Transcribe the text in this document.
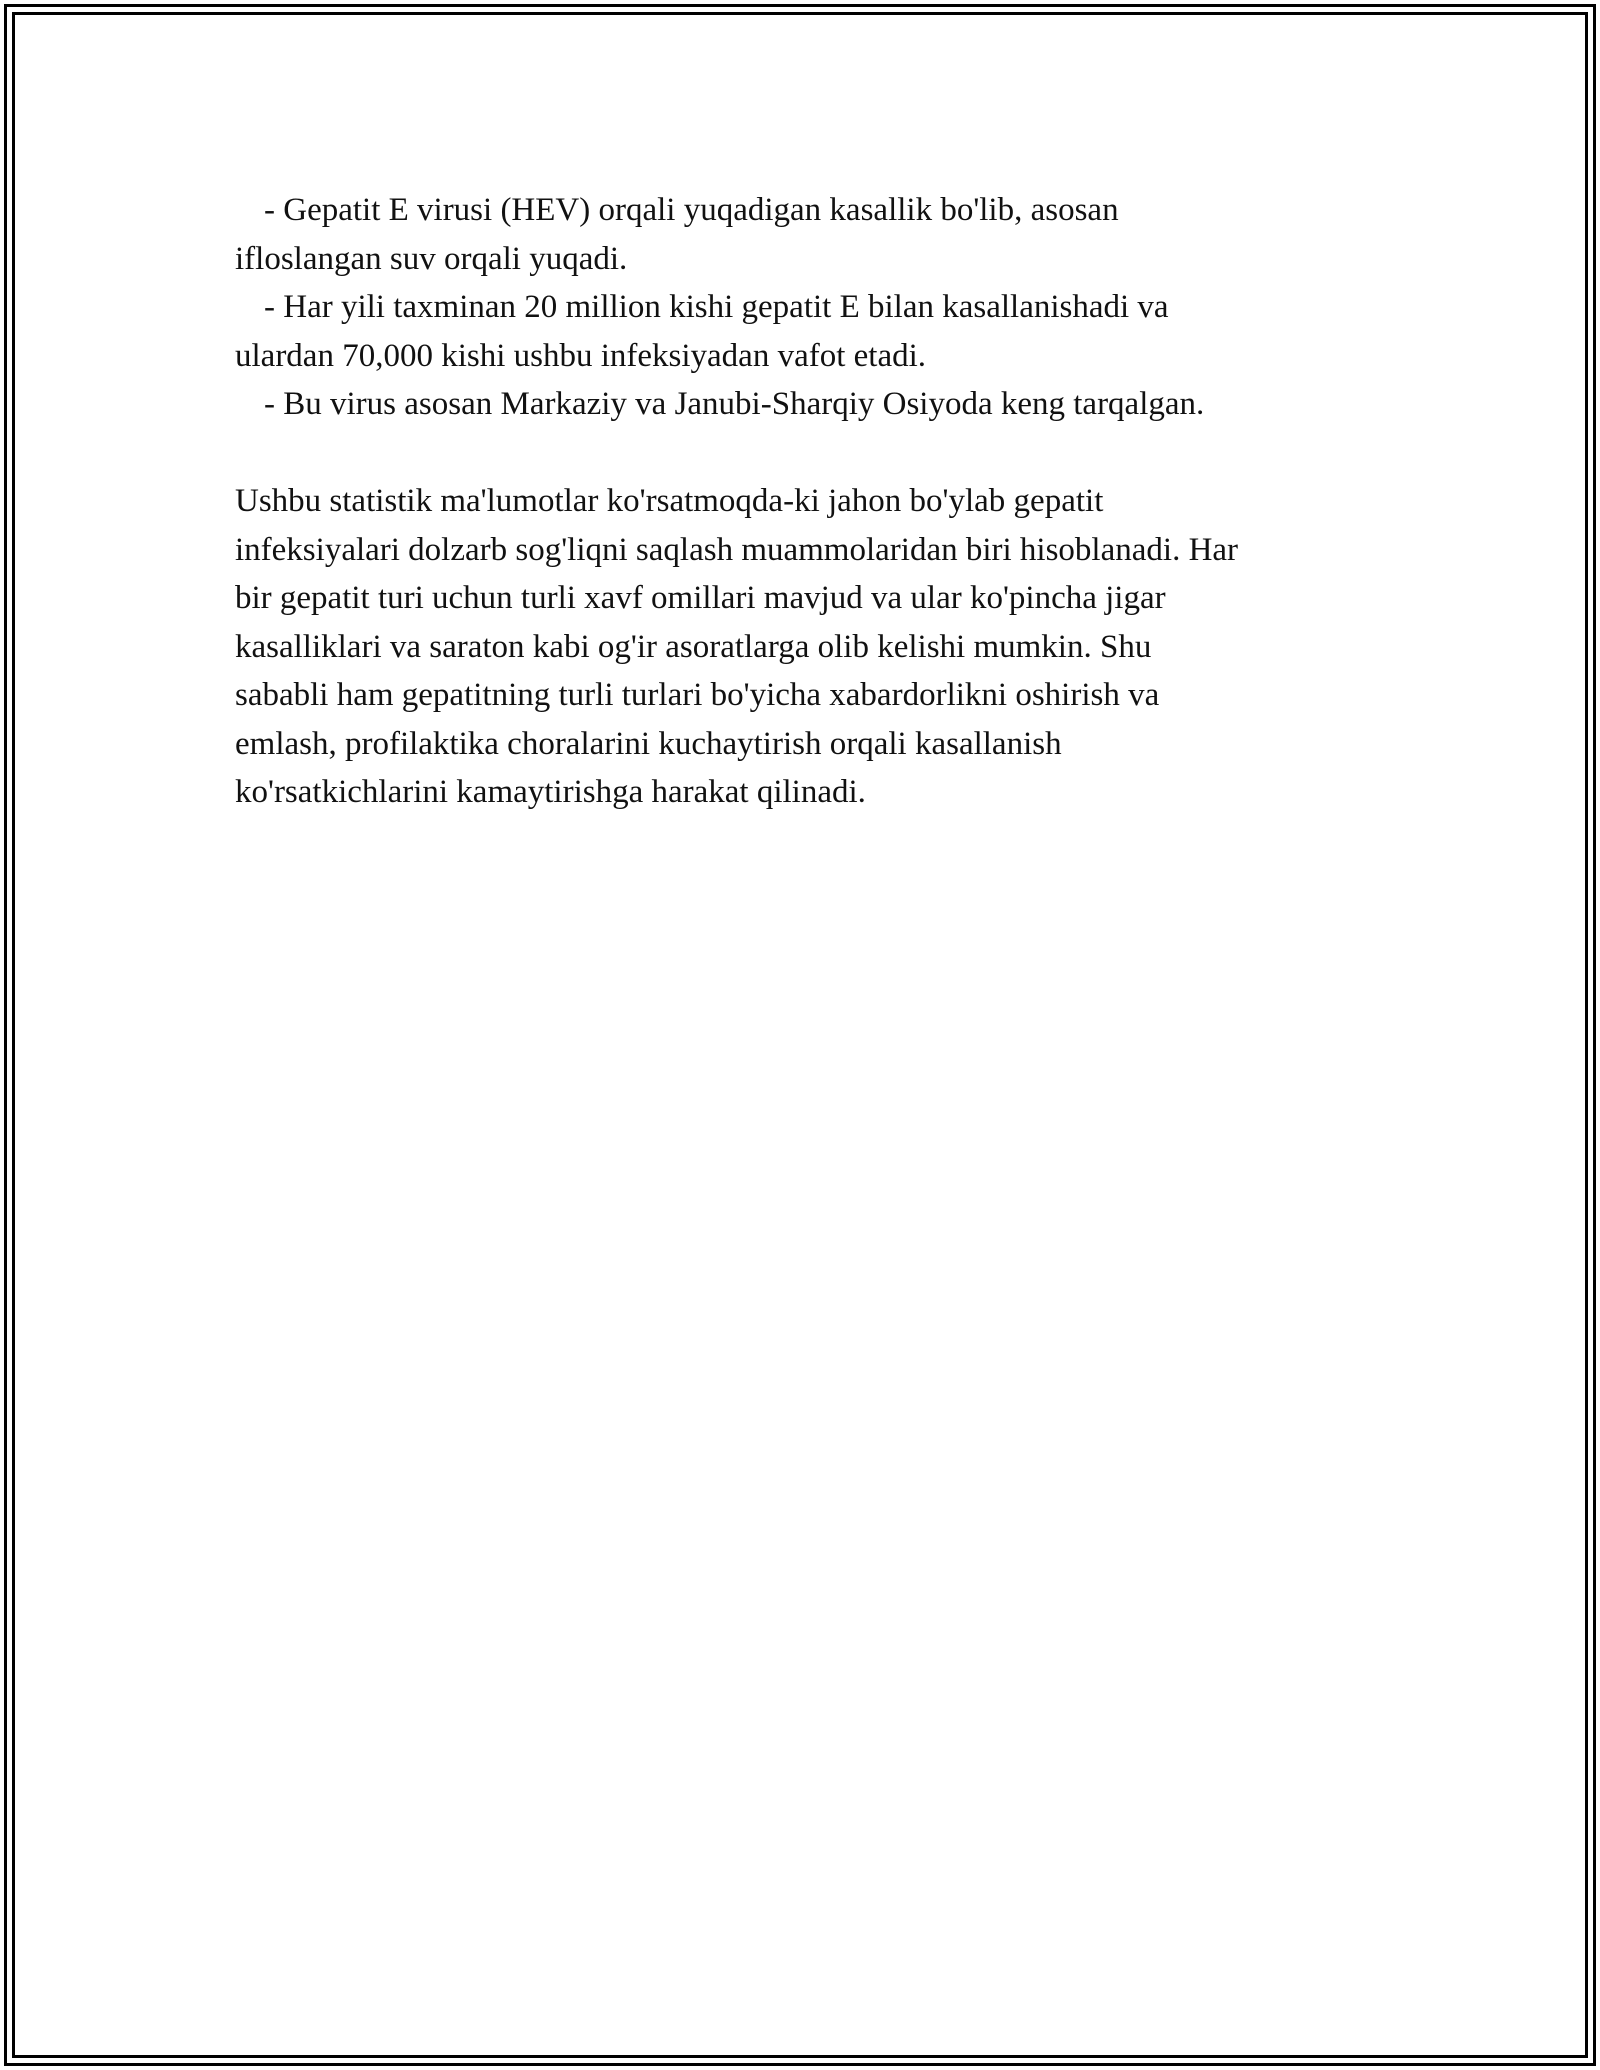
- Gepatit E virusi (HEV) orqali yuqadigan kasallik bo'lib, asosan
ifloslangan suv orqali yuqadi.
- Har yili taxminan 20 million kishi gepatit E bilan kasallanishadi va
ulardan 70,000 kishi ushbu infeksiyadan vafot etadi.
- Bu virus asosan Markaziy va Janubi-Sharqiy Osiyoda keng tarqalgan.
Ushbu statistik ma'lumotlar ko'rsatmoqda-ki jahon bo'ylab gepatit
infeksiyalari dolzarb sog'liqni saqlash muammolaridan biri hisoblanadi. Har
bir gepatit turi uchun turli xavf omillari mavjud va ular ko'pincha jigar
kasalliklari va saraton kabi og'ir asoratlarga olib kelishi mumkin. Shu
sababli ham gepatitning turli turlari bo'yicha xabardorlikni oshirish va
emlash, profilaktika choralarini kuchaytirish orqali kasallanish
ko'rsatkichlarini kamaytirishga harakat qilinadi.
